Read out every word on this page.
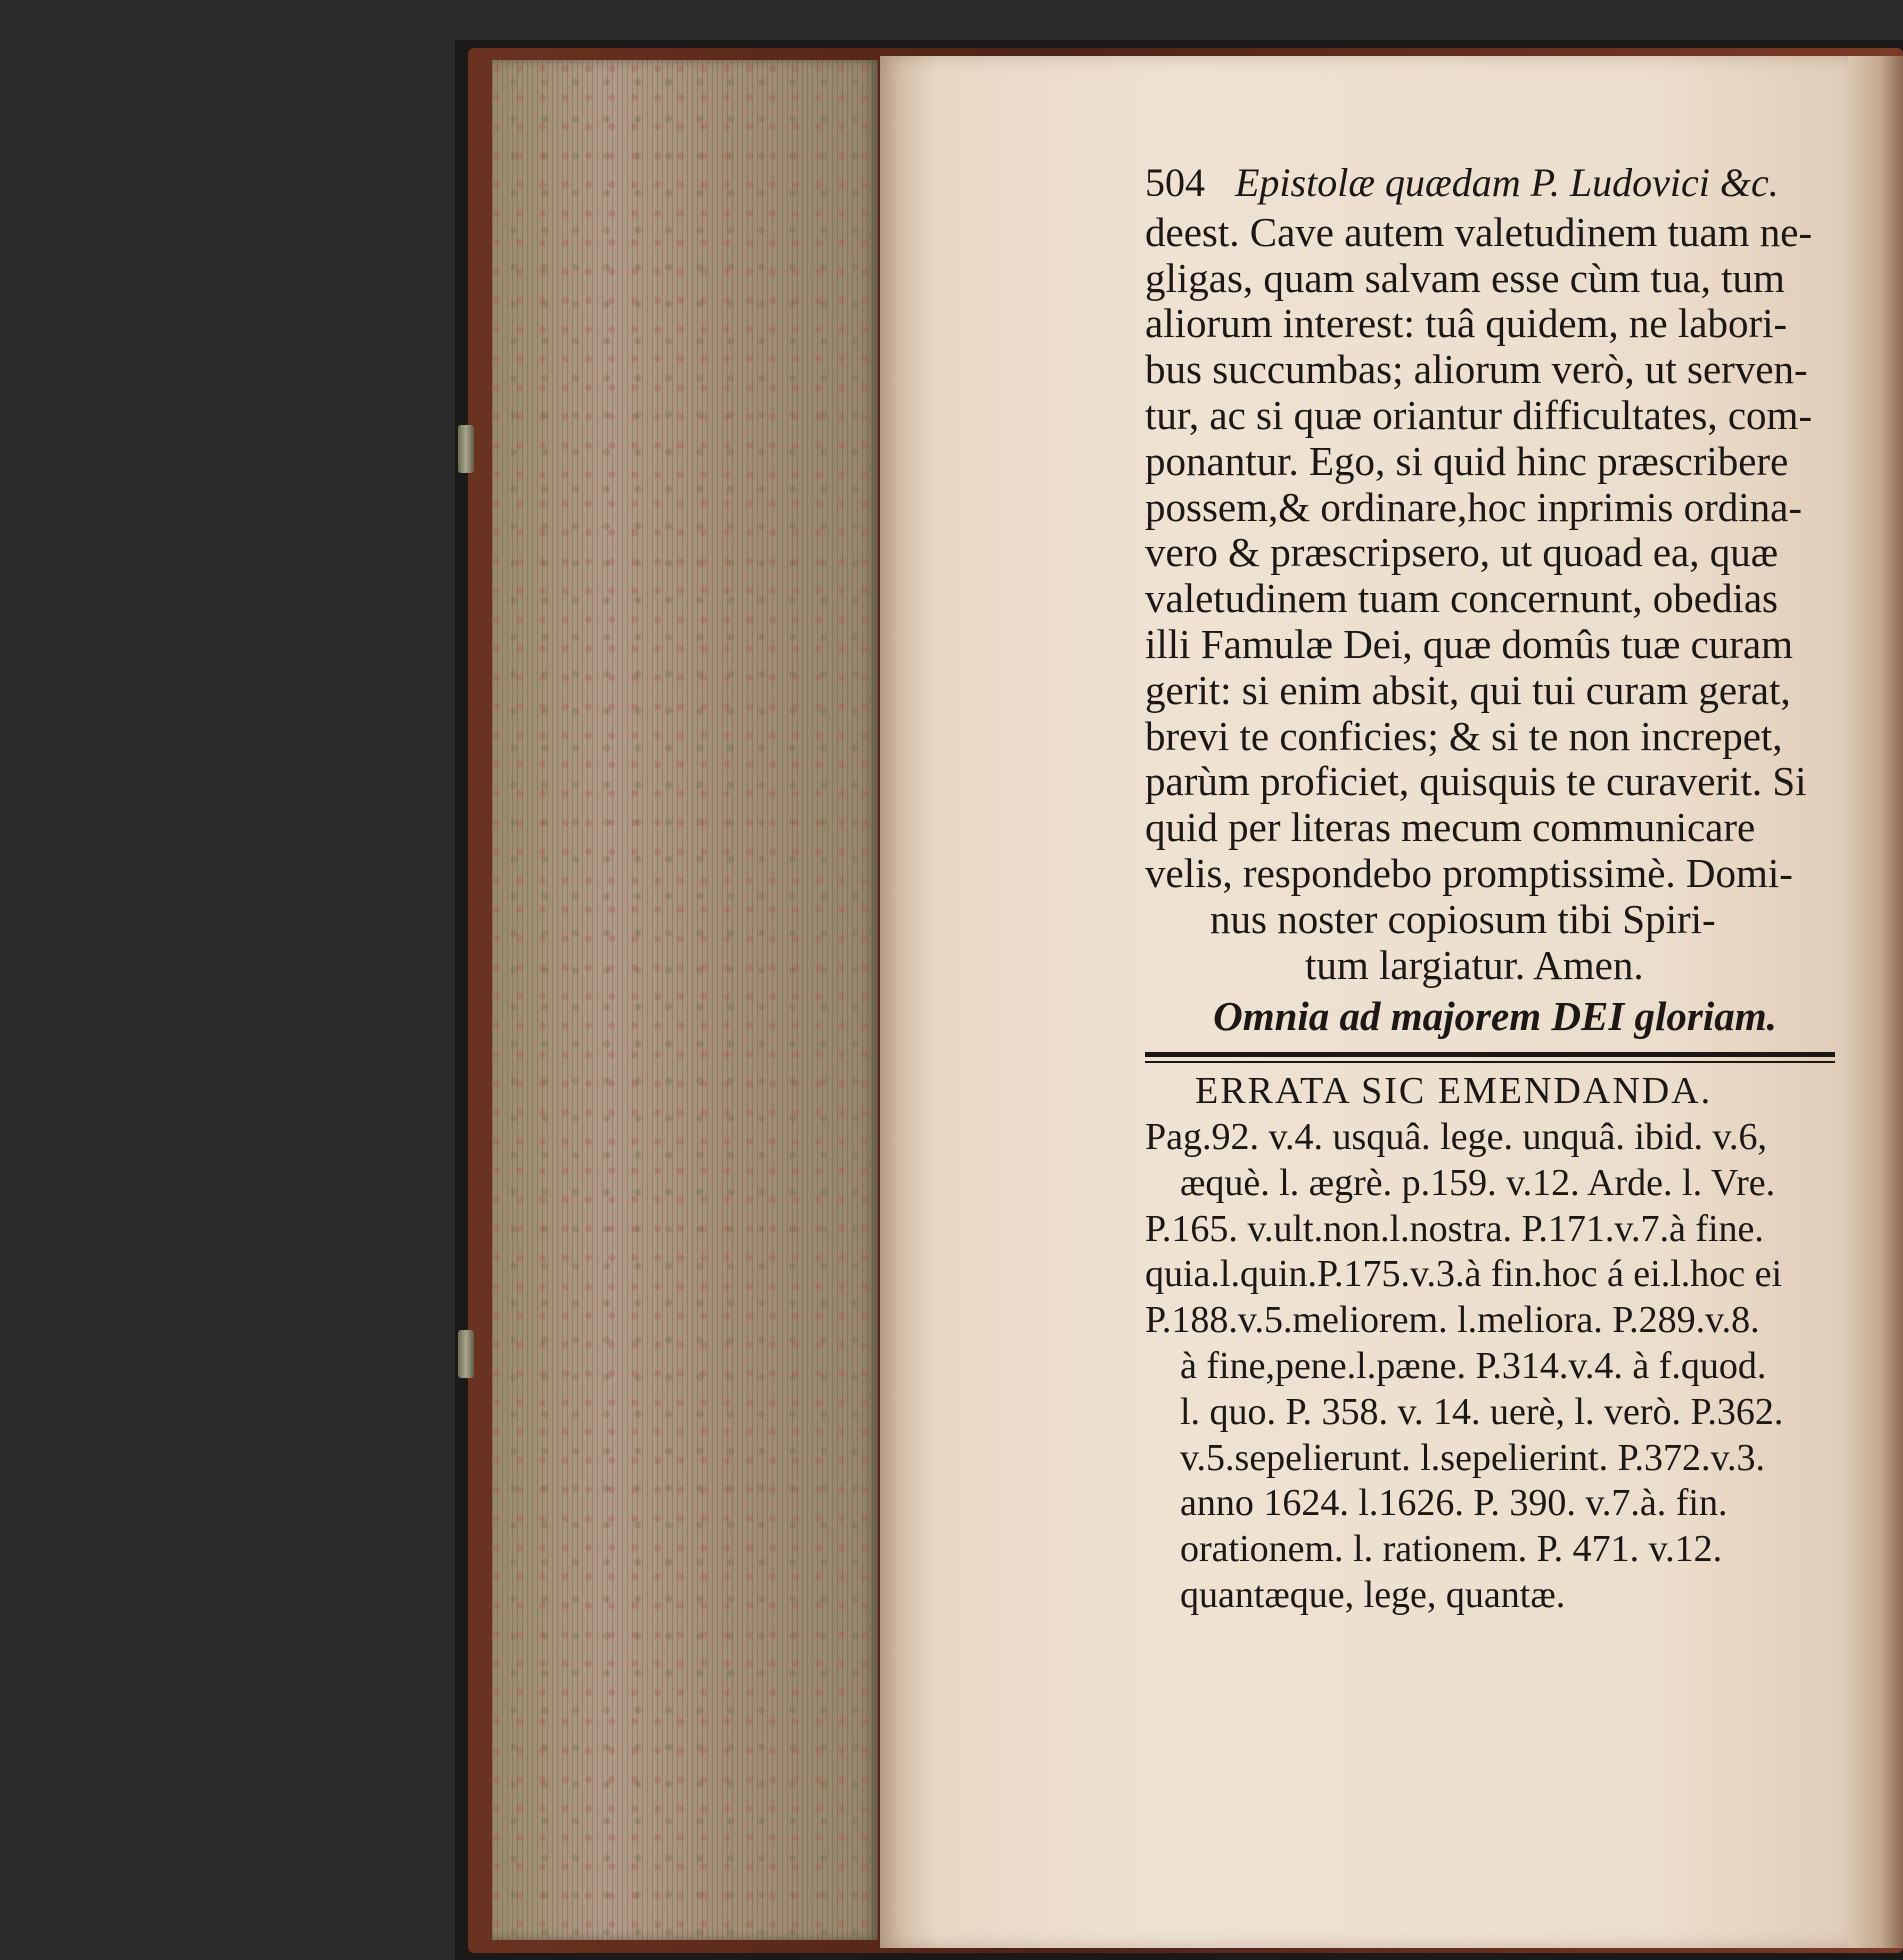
504 Epistolæ quædam P. Ludovici &c.
deest. Cave autem valetudinem tuam ne-
gligas, quam salvam esse cùm tua, tum
aliorum interest: tuâ quidem, ne labori-
bus succumbas; aliorum verò, ut serven-
tur, ac si quæ oriantur difficultates, com-
ponantur. Ego, si quid hinc præscribere
possem,& ordinare,hoc inprimis ordina-
vero & præscripsero, ut quoad ea, quæ
valetudinem tuam concernunt, obedias
illi Famulæ Dei, quæ domûs tuæ curam
gerit: si enim absit, qui tui curam gerat,
brevi te conficies; & si te non increpet,
parùm proficiet, quisquis te curaverit. Si
quid per literas mecum communicare
velis, respondebo promptissimè. Domi-
nus noster copiosum tibi Spiri-
tum largiatur. Amen.
Omnia ad majorem DEI gloriam.
ERRATA SIC EMENDANDA.
Pag.92. v.4. usquâ. lege. unquâ. ibid. v.6,
æquè. l. ægrè. p.159. v.12. Arde. l. Vre.
P.165. v.ult.non.l.nostra. P.171.v.7.à fine.
quia.l.quin.P.175.v.3.à fin.hoc á ei.l.hoc ei
P.188.v.5.meliorem. l.meliora. P.289.v.8.
à fine,pene.l.pæne. P.314.v.4. à f.quod.
l. quo. P. 358. v. 14. uerè, l. verò. P.362.
v.5.sepelierunt. l.sepelierint. P.372.v.3.
anno 1624. l.1626. P. 390. v.7.à. fin.
orationem. l. rationem. P. 471. v.12.
quantæque, lege, quantæ.
